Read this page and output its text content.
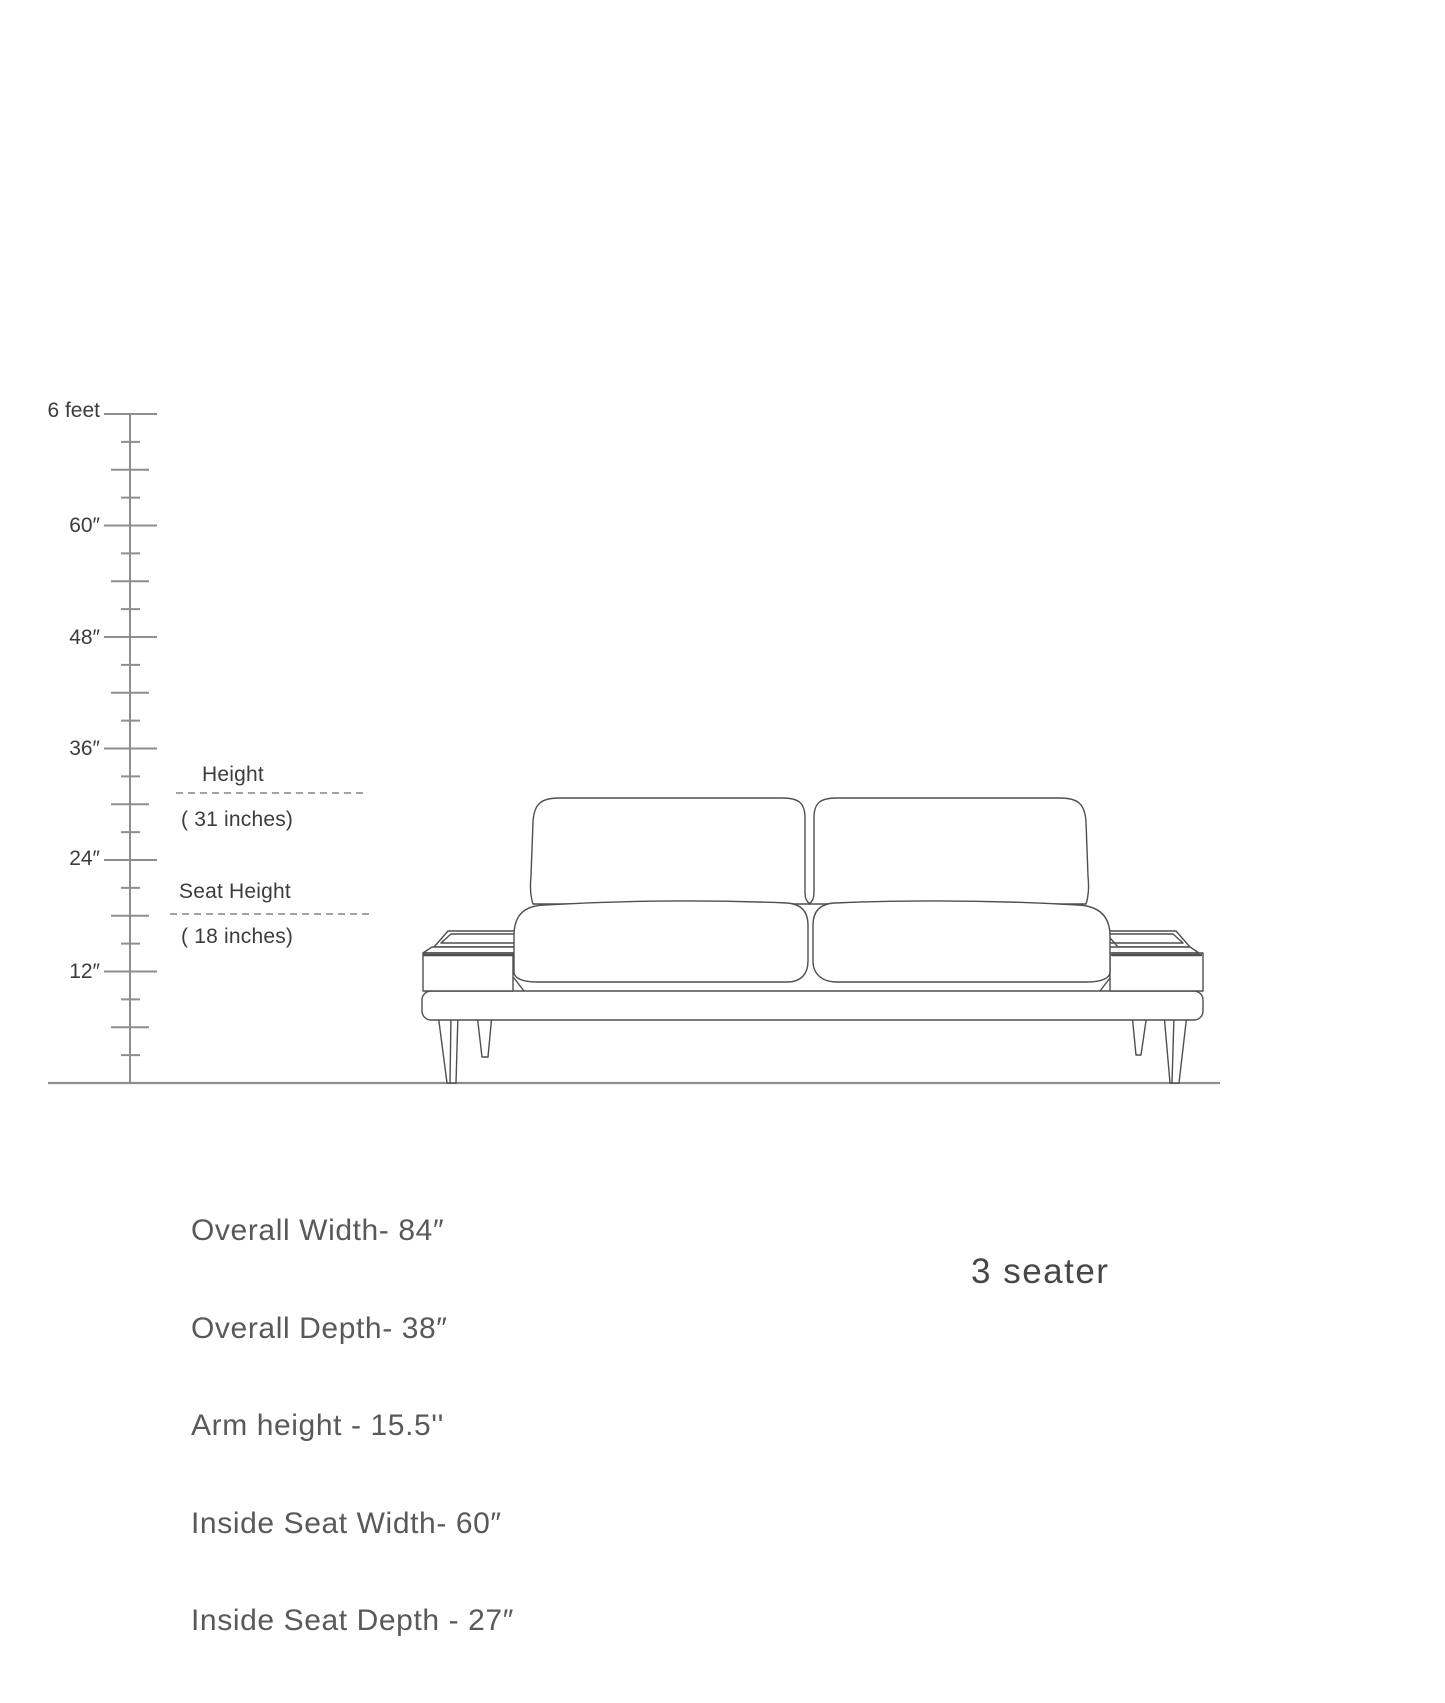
6 feet
60″
48″
36″
24″
12″
Height
( 31 inches)
Seat Height
( 18 inches)

Overall Width- 84″

Overall Depth- 38″

Arm height - 15.5''

Inside Seat Width- 60″

Inside Seat Depth - 27″

3 seater
